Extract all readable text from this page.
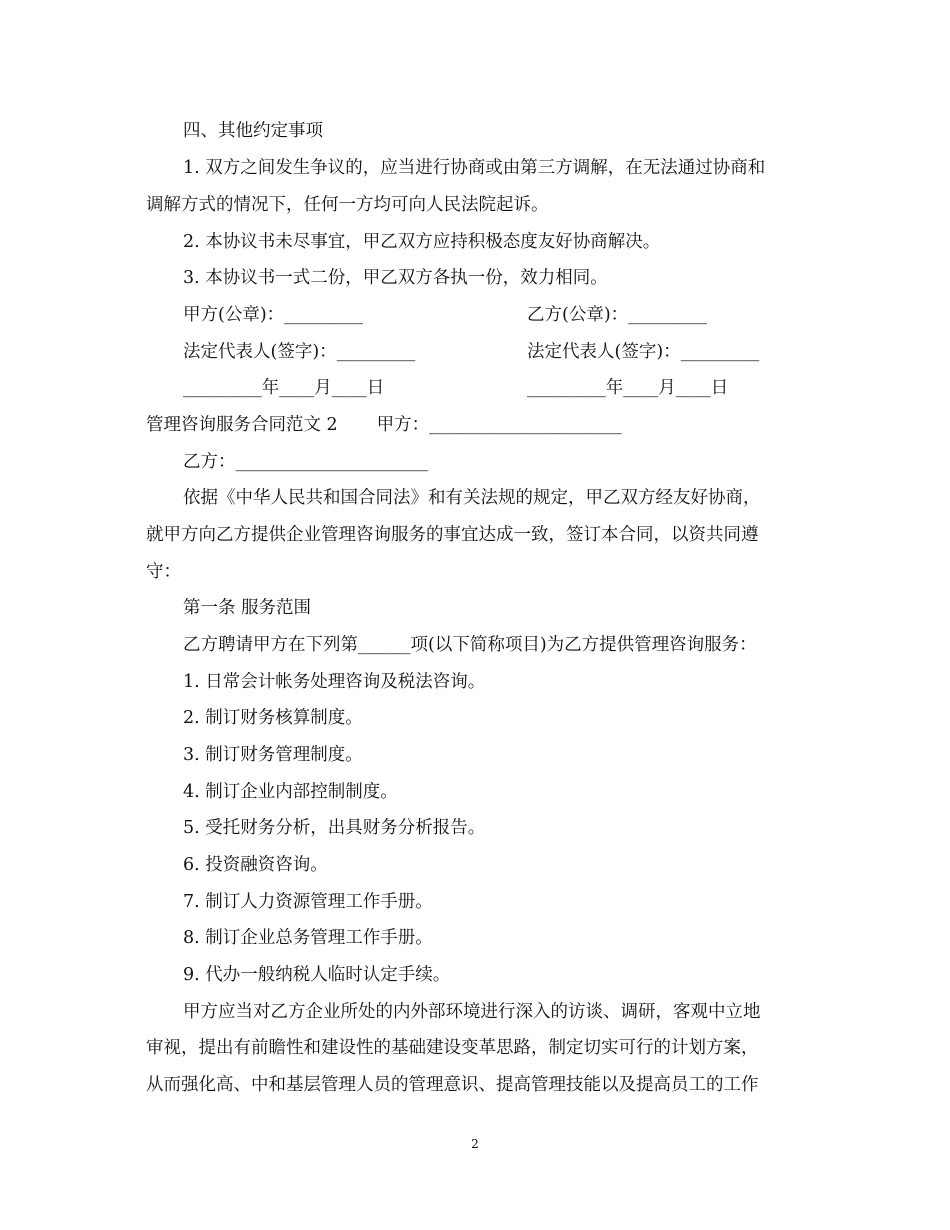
四、其他约定事项
1. 双方之间发生争议的，应当进行协商或由第三方调解，在无法通过协商和
调解方式的情况下，任何一方均可向人民法院起诉。
2. 本协议书未尽事宜，甲乙双方应持积极态度友好协商解决。
3. 本协议书一式二份，甲乙双方各执一份，效力相同。
甲方(公章)：_________	乙方(公章)：_________
法定代表人(签字)：_________	法定代表人(签字)：_________
_________年____月____日	_________年____月____日
管理咨询服务合同范文 2       甲方：______________________
乙方：______________________
依据《中华人民共和国合同法》和有关法规的规定，甲乙双方经友好协商，
就甲方向乙方提供企业管理咨询服务的事宜达成一致，签订本合同，以资共同遵
守：
第一条 服务范围
乙方聘请甲方在下列第______项(以下简称项目)为乙方提供管理咨询服务：
1. 日常会计帐务处理咨询及税法咨询。
2. 制订财务核算制度。
3. 制订财务管理制度。
4. 制订企业内部控制制度。
5. 受托财务分析，出具财务分析报告。
6. 投资融资咨询。
7. 制订人力资源管理工作手册。
8. 制订企业总务管理工作手册。
9. 代办一般纳税人临时认定手续。
甲方应当对乙方企业所处的内外部环境进行深入的访谈、调研，客观中立地
审视，提出有前瞻性和建设性的基础建设变革思路，制定切实可行的计划方案，
从而强化高、中和基层管理人员的管理意识、提高管理技能以及提高员工的工作
2
